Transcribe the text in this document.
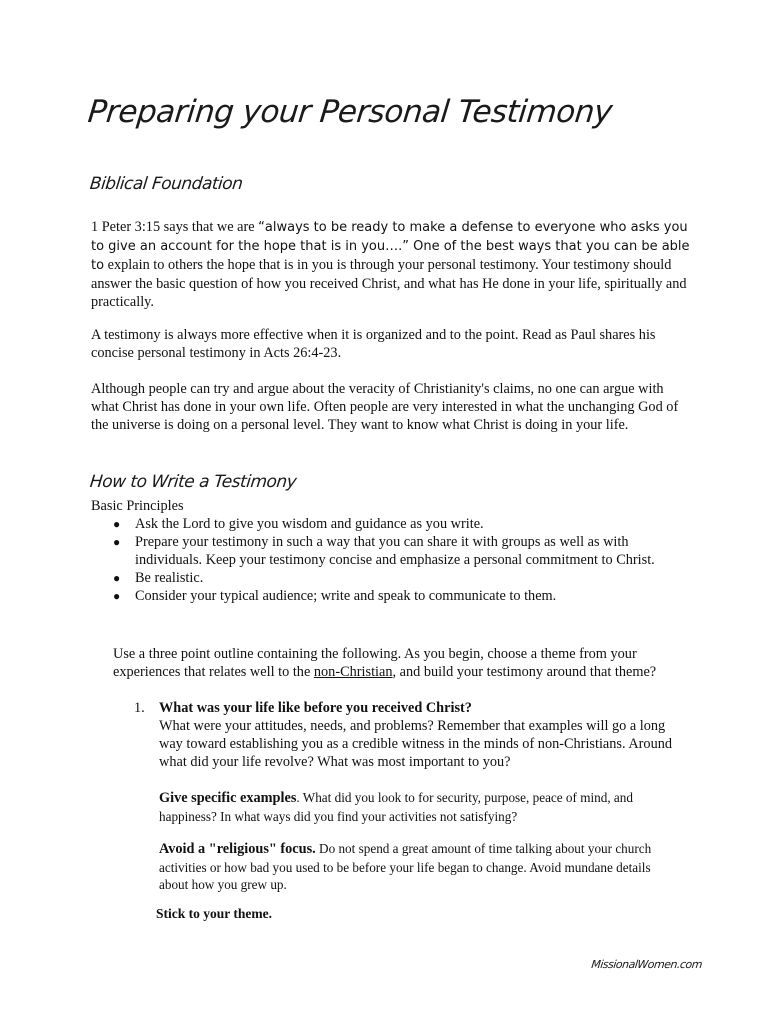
Preparing your Personal Testimony
Biblical Foundation
1 Peter 3:15 says that we are “always to be ready to make a defense to everyone who asks you to give an account for the hope that is in you….” One of the best ways that you can be able to explain to others the hope that is in you is through your personal testimony. Your testimony should answer the basic question of how you received Christ, and what has He done in your life, spiritually and practically.
A testimony is always more effective when it is organized and to the point. Read as Paul shares his concise personal testimony in Acts 26:4-23.
Although people can try and argue about the veracity of Christianity's claims, no one can argue with what Christ has done in your own life. Often people are very interested in what the unchanging God of the universe is doing on a personal level. They want to know what Christ is doing in your life.
How to Write a Testimony
Basic Principles
● Ask the Lord to give you wisdom and guidance as you write.
● Prepare your testimony in such a way that you can share it with groups as well as with individuals. Keep your testimony concise and emphasize a personal commitment to Christ.
● Be realistic.
● Consider your typical audience; write and speak to communicate to them.
Use a three point outline containing the following. As you begin, choose a theme from your experiences that relates well to the non-Christian, and build your testimony around that theme?
1. What was your life like before you received Christ?
What were your attitudes, needs, and problems? Remember that examples will go a long way toward establishing you as a credible witness in the minds of non-Christians. Around what did your life revolve? What was most important to you?
Give specific examples. What did you look to for security, purpose, peace of mind, and happiness? In what ways did you find your activities not satisfying?
Avoid a "religious" focus. Do not spend a great amount of time talking about your church activities or how bad you used to be before your life began to change. Avoid mundane details about how you grew up.
Stick to your theme.
MissionalWomen.com
